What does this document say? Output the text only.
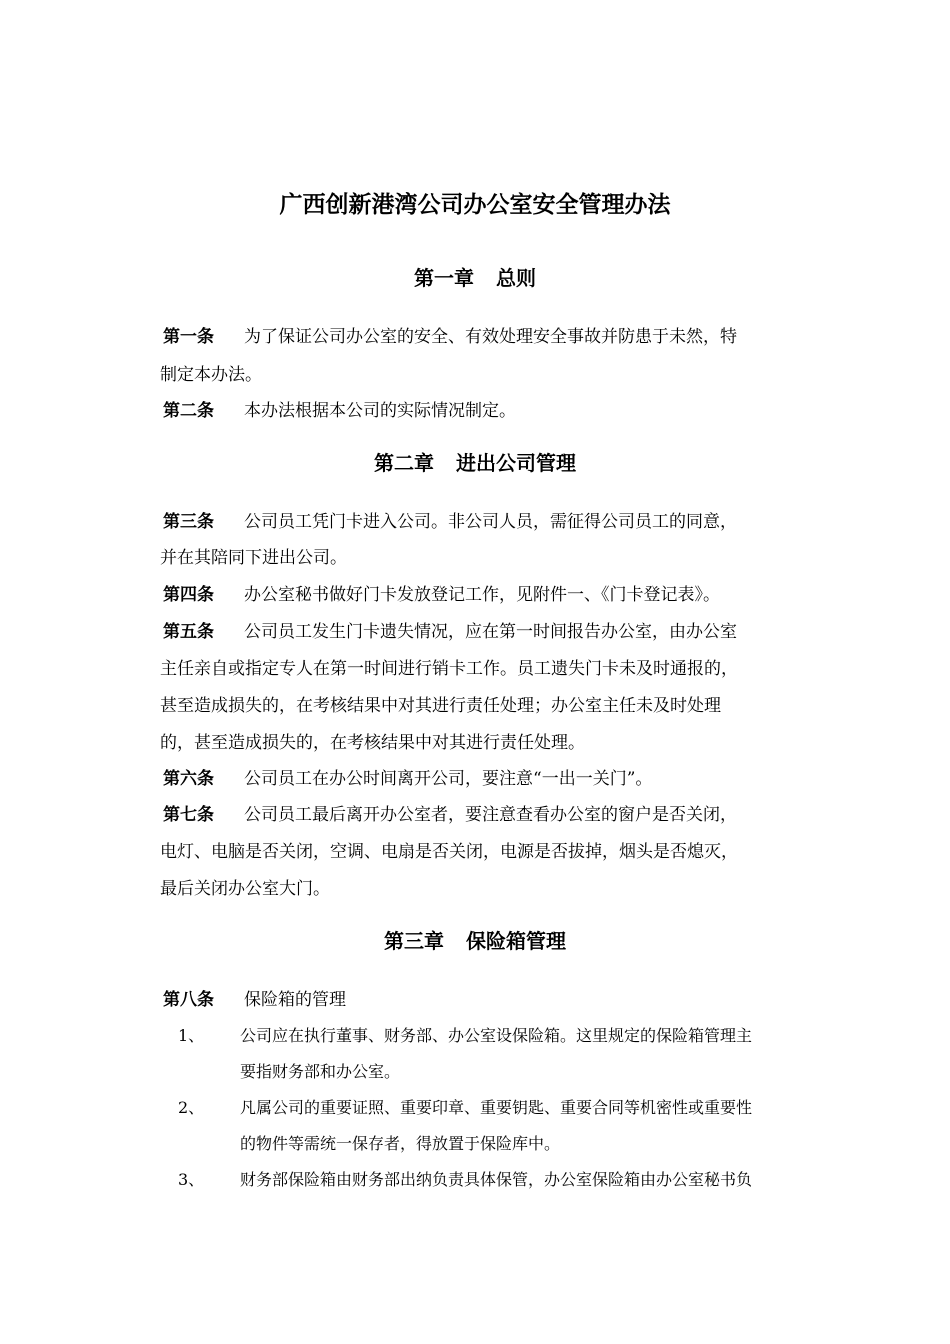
广西创新港湾公司办公室安全管理办法
第一章 总则
第一条 为了保证公司办公室的安全、有效处理安全事故并防患于未然，特
制定本办法。
第二条 本办法根据本公司的实际情况制定。
第二章 进出公司管理
第三条 公司员工凭门卡进入公司。非公司人员，需征得公司员工的同意，
并在其陪同下进出公司。
第四条 办公室秘书做好门卡发放登记工作，见附件一、《门卡登记表》。
第五条 公司员工发生门卡遗失情况，应在第一时间报告办公室，由办公室
主任亲自或指定专人在第一时间进行销卡工作。员工遗失门卡未及时通报的，
甚至造成损失的，在考核结果中对其进行责任处理；办公室主任未及时处理
的，甚至造成损失的，在考核结果中对其进行责任处理。
第六条 公司员工在办公时间离开公司，要注意“一出一关门”。
第七条 公司员工最后离开办公室者，要注意查看办公室的窗户是否关闭，
电灯、电脑是否关闭，空调、电扇是否关闭，电源是否拔掉，烟头是否熄灭，
最后关闭办公室大门。
第三章 保险箱管理
第八条 保险箱的管理
1、 公司应在执行董事、财务部、办公室设保险箱。这里规定的保险箱管理主
要指财务部和办公室。
2、 凡属公司的重要证照、重要印章、重要钥匙、重要合同等机密性或重要性
的物件等需统一保存者，得放置于保险库中。
3、 财务部保险箱由财务部出纳负责具体保管，办公室保险箱由办公室秘书负
